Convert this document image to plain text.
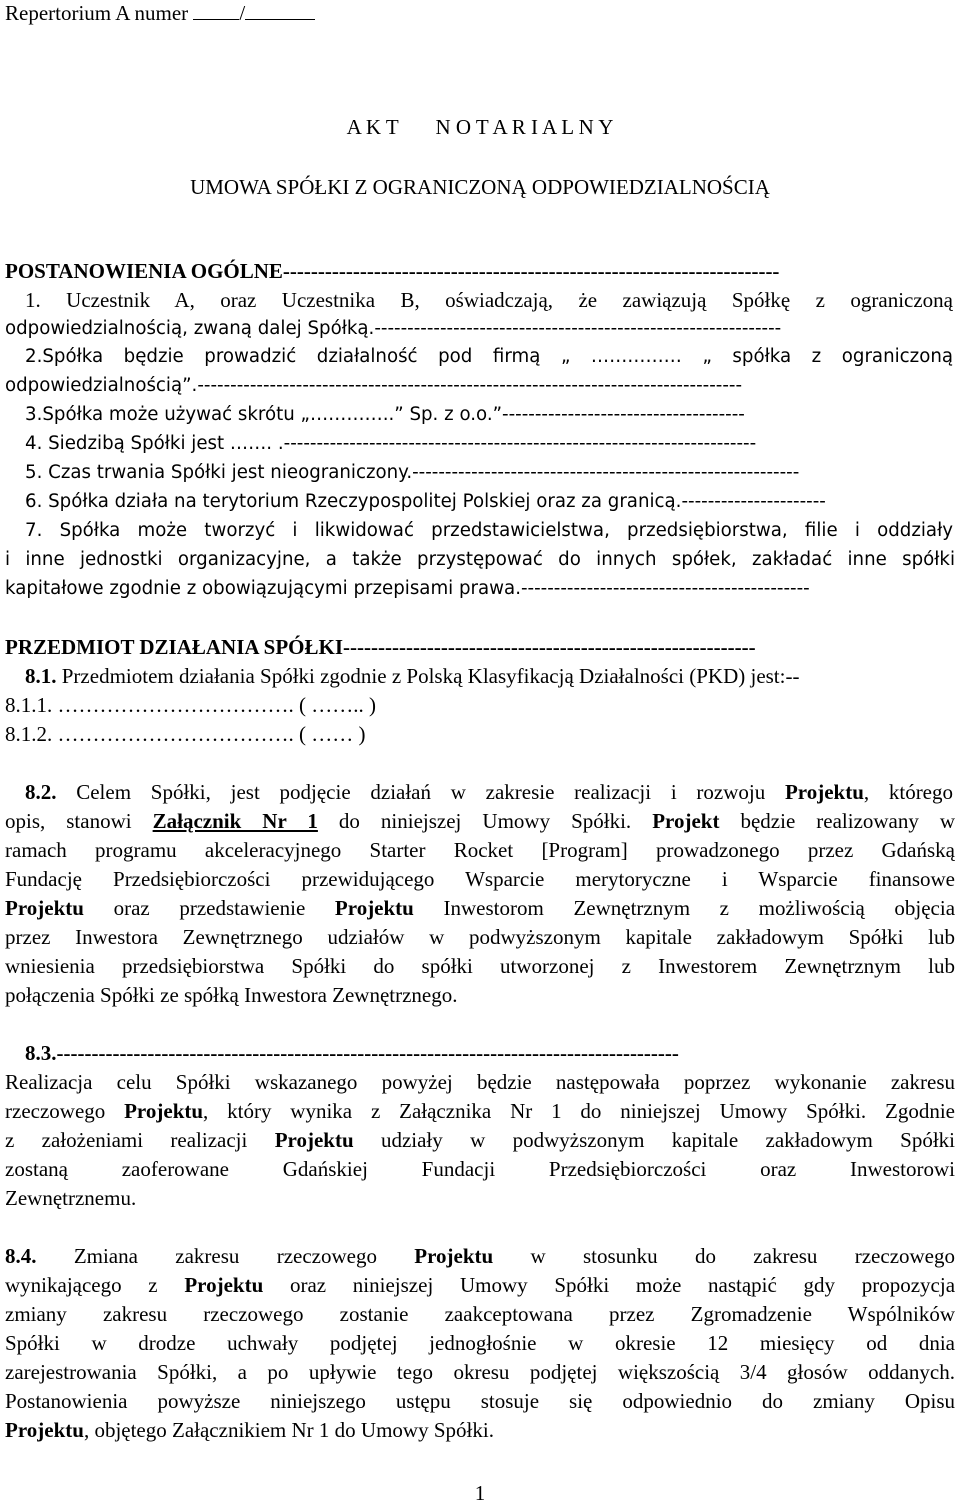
Repertorium A numer /
A K T N O T A R I A L N Y
UMOWA SPÓŁKI Z OGRANICZONĄ ODPOWIEDZIALNOŚCIĄ
POSTANOWIENIA OGÓLNE-----------------------------------------------------------------------
1. Uczestnik A, oraz Uczestnika B, oświadczają, że zawiązują Spółkę z ograniczoną
odpowiedzialnością, zwaną dalej Spółką.--------------------------------------------------------------
2.Spółka będzie prowadzić działalność pod firmą „ …………… „ spółka z ograniczoną
odpowiedzialnością”.-----------------------------------------------------------------------------------
3.Spółka może używać skrótu „…………..” Sp. z o.o.”-------------------------------------
4. Siedzibą Spółki jest ……. .------------------------------------------------------------------------
5. Czas trwania Spółki jest nieograniczony.-----------------------------------------------------------
6. Spółka działa na terytorium Rzeczypospolitej Polskiej oraz za granicą.----------------------
7. Spółka może tworzyć i likwidować przedstawicielstwa, przedsiębiorstwa, filie i oddziały
i inne jednostki organizacyjne, a także przystępować do innych spółek, zakładać inne spółki
kapitałowe zgodnie z obowiązującymi przepisami prawa.--------------------------------------------
PRZEDMIOT DZIAŁANIA SPÓŁKI-----------------------------------------------------------
8.1. Przedmiotem działania Spółki zgodnie z Polską Klasyfikacją Działalności (PKD) jest:--
8.1.1. ……………………………. ( …….. )
8.1.2. ……………………………. ( …… )
8.2. Celem Spółki, jest podjęcie działań w zakresie realizacji i rozwoju Projektu, którego
opis, stanowi Załącznik Nr 1 do niniejszej Umowy Spółki. Projekt będzie realizowany w
ramach programu akceleracyjnego Starter Rocket [Program] prowadzonego przez Gdańską
Fundację Przedsiębiorczości przewidującego Wsparcie merytoryczne i Wsparcie finansowe
Projektu oraz przedstawienie Projektu Inwestorom Zewnętrznym z możliwością objęcia
przez Inwestora Zewnętrznego udziałów w podwyższonym kapitale zakładowym Spółki lub
wniesienia przedsiębiorstwa Spółki do spółki utworzonej z Inwestorem Zewnętrznym lub
połączenia Spółki ze spółką Inwestora Zewnętrznego.
8.3.-----------------------------------------------------------------------------------------
Realizacja celu Spółki wskazanego powyżej będzie następowała poprzez wykonanie zakresu
rzeczowego Projektu, który wynika z Załącznika Nr 1 do niniejszej Umowy Spółki. Zgodnie
z założeniami realizacji Projektu udziały w podwyższonym kapitale zakładowym Spółki
zostaną zaoferowane Gdańskiej Fundacji Przedsiębiorczości oraz Inwestorowi
Zewnętrznemu.
8.4. Zmiana zakresu rzeczowego Projektu w stosunku do zakresu rzeczowego
wynikającego z Projektu oraz niniejszej Umowy Spółki może nastąpić gdy propozycja
zmiany zakresu rzeczowego zostanie zaakceptowana przez Zgromadzenie Wspólników
Spółki w drodze uchwały podjętej jednogłośnie w okresie 12 miesięcy od dnia
zarejestrowania Spółki, a po upływie tego okresu podjętej większością 3/4 głosów oddanych.
Postanowienia powyższe niniejszego ustępu stosuje się odpowiednio do zmiany Opisu
Projektu, objętego Załącznikiem Nr 1 do Umowy Spółki.
1
